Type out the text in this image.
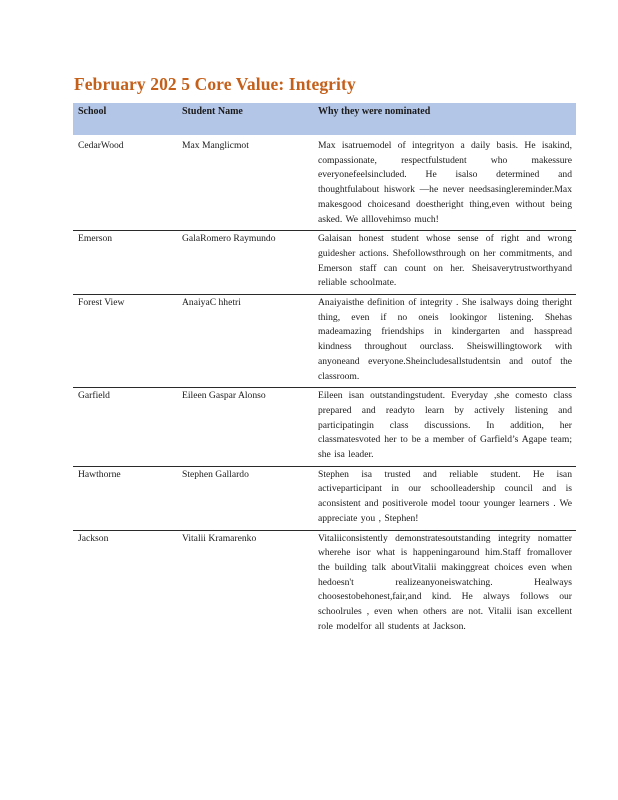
February 202 5 Core Value: Integrity
School	Student Name	Why they were nominated
CedarWood	Max Manglicmot	Max isatruemodel of integrityon a daily basis. He isakind, compassionate, respectfulstudent who makessure everyonefeelsincluded. He isalso determined and thoughtfulabout hiswork —he never needsasinglereminder.Max makesgood choicesand doestheright thing,even without being asked. We alllovehimso much!
Emerson	GalaRomero Raymundo	Galaisan honest student whose sense of right and wrong guidesher actions. Shefollowsthrough on her commitments, and Emerson staff can count on her. Sheisaverytrustworthyand reliable schoolmate.
Forest View	AnaiyaC hhetri	Anaiyaisthe definition of integrity . She isalways doing theright thing, even if no oneis lookingor listening. Shehas madeamazing friendships in kindergarten and hasspread kindness throughout ourclass. Sheiswillingtowork with anyoneand everyone.Sheincludesallstudentsin and outof the classroom.
Garfield	Eileen Gaspar Alonso	Eileen isan outstandingstudent. Everyday ,she comesto class prepared and readyto learn by actively listening and participatingin class discussions. In addition, her classmatesvoted her to be a member of Garfield’s Agape team; she isa leader.
Hawthorne	Stephen Gallardo	Stephen isa trusted and reliable student. He isan activeparticipant in our schoolleadership council and is aconsistent and positiverole model toour younger learners . We appreciate you , Stephen!
Jackson	Vitalii Kramarenko	Vitaliiconsistently demonstratesoutstanding integrity nomatter wherehe isor what is happeningaround him.Staff fromallover the building talk aboutVitalii makinggreat choices even when hedoesn't realizeanyoneiswatching. Healways choosestobehonest,fair,and kind. He always follows our schoolrules , even when others are not. Vitalii isan excellent role modelfor all students at Jackson.
